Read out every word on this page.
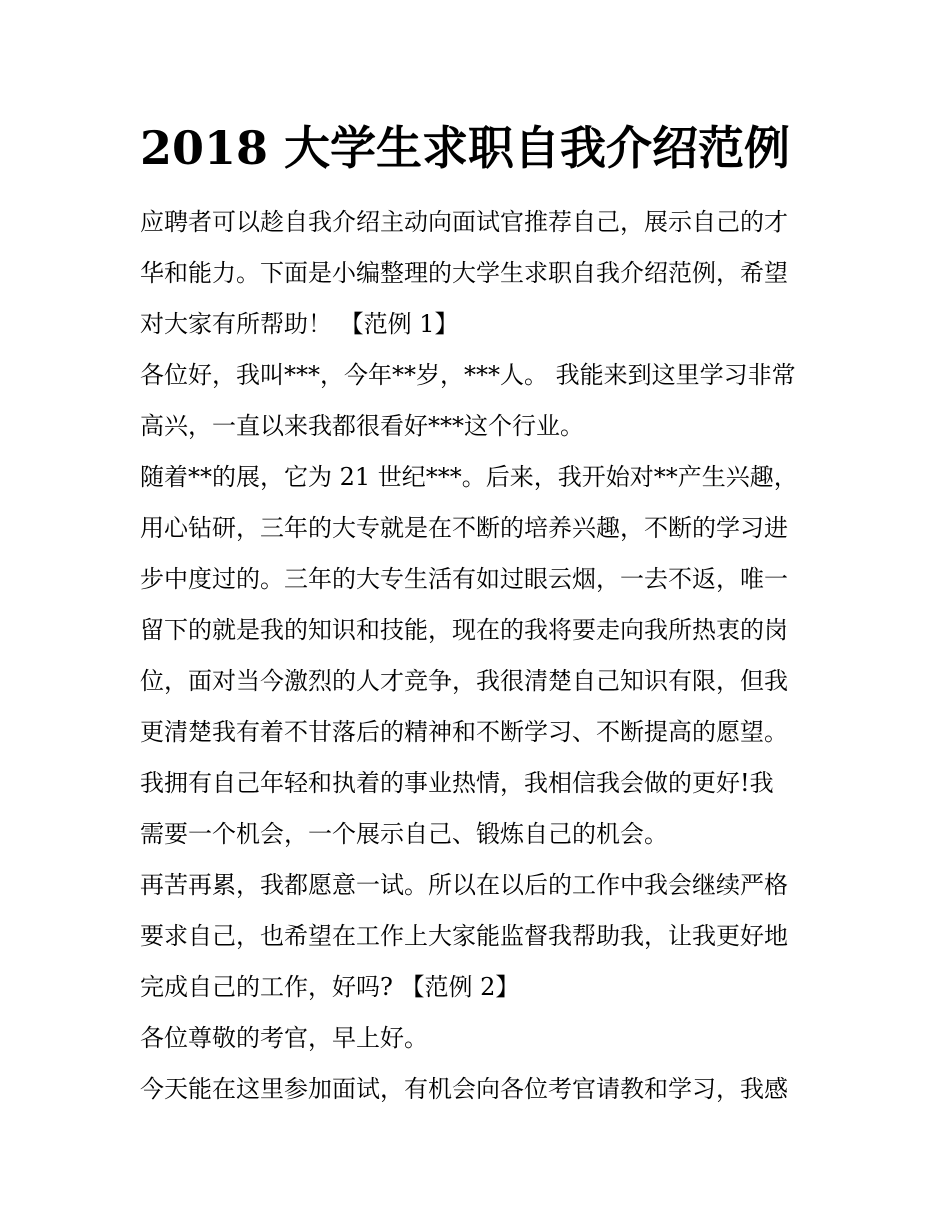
2018 大学生求职自我介绍范例

应聘者可以趁自我介绍主动向面试官推荐自己，展示自己的才

华和能力。下面是小编整理的大学生求职自我介绍范例，希望

对大家有所帮助！ 【范例 1】

各位好，我叫***，今年**岁，***人。 我能来到这里学习非常

高兴，一直以来我都很看好***这个行业。

随着**的展，它为 21 世纪***。后来，我开始对**产生兴趣，

用心钻研，三年的大专就是在不断的培养兴趣，不断的学习进

步中度过的。三年的大专生活有如过眼云烟，一去不返，唯一

留下的就是我的知识和技能，现在的我将要走向我所热衷的岗

位，面对当今激烈的人才竞争，我很清楚自己知识有限，但我

更清楚我有着不甘落后的精神和不断学习、不断提高的愿望。

我拥有自己年轻和执着的事业热情，我相信我会做的更好!我

需要一个机会，一个展示自己、锻炼自己的机会。

再苦再累，我都愿意一试。所以在以后的工作中我会继续严格

要求自己，也希望在工作上大家能监督我帮助我，让我更好地

完成自己的工作，好吗? 【范例 2】

各位尊敬的考官，早上好。

今天能在这里参加面试，有机会向各位考官请教和学习，我感
